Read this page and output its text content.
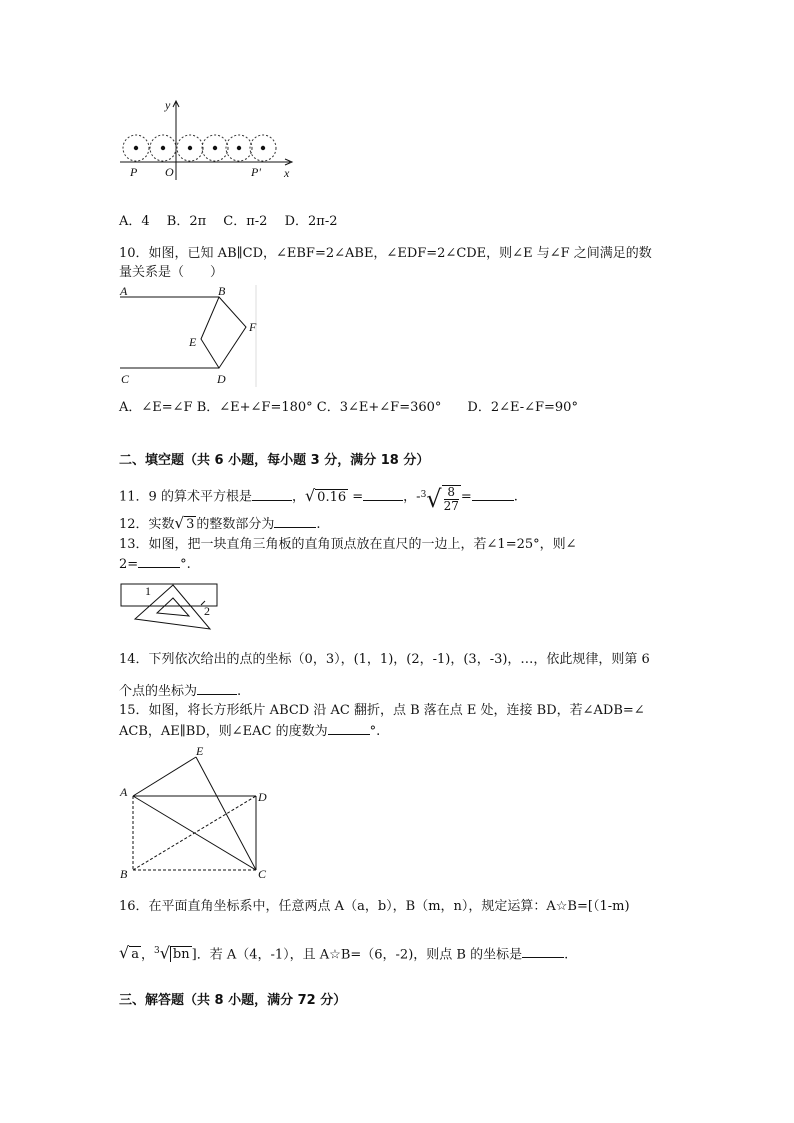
y
x
P O	P'
A．4　 B．2π　 C．π-2　 D．2π-2
10．如图，已知 AB∥CD，∠EBF=2∠ABE，∠EDF=2∠CDE，则∠E 与∠F 之间满足的数
量关系是（　　）
A	B
F
E
C	D
A．∠E=∠F B．∠E+∠F=180° C．3∠E+∠F=360°　　D．2∠E-∠F=90°
二、填空题（共 6 小题，每小题 3 分，满分 18 分）
11．9 的算术平方根是	，√ 0.16 =	，$-^3√ \frac{8}{27}$ =	.
12．实数√ 3 的整数部分为	.
13．如图，把一块直角三角板的直角顶点放在直尺的一边上，若∠1=25°，则∠
2=	°.
1
2
14．下列依次给出的点的坐标（0，3），(1，1)，(2，-1)，(3，-3)，…，依此规律，则第 6
个点的坐标为	.
15．如图，将长方形纸片 ABCD 沿 AC 翻折，点 B 落在点 E 处，连接 BD，若∠ADB=∠
ACB，AE∥BD，则∠EAC 的度数为	°.
E
A	D
B	C
16．在平面直角坐标系中，任意两点 A（a，b），B（m，n），规定运算：A☆B=[（1-m)
√ a ，$^3$√ bn ]．若 A（4，-1），且 A☆B=（6，-2)，则点 B 的坐标是	.
三、解答题（共 8 小题，满分 72 分）
